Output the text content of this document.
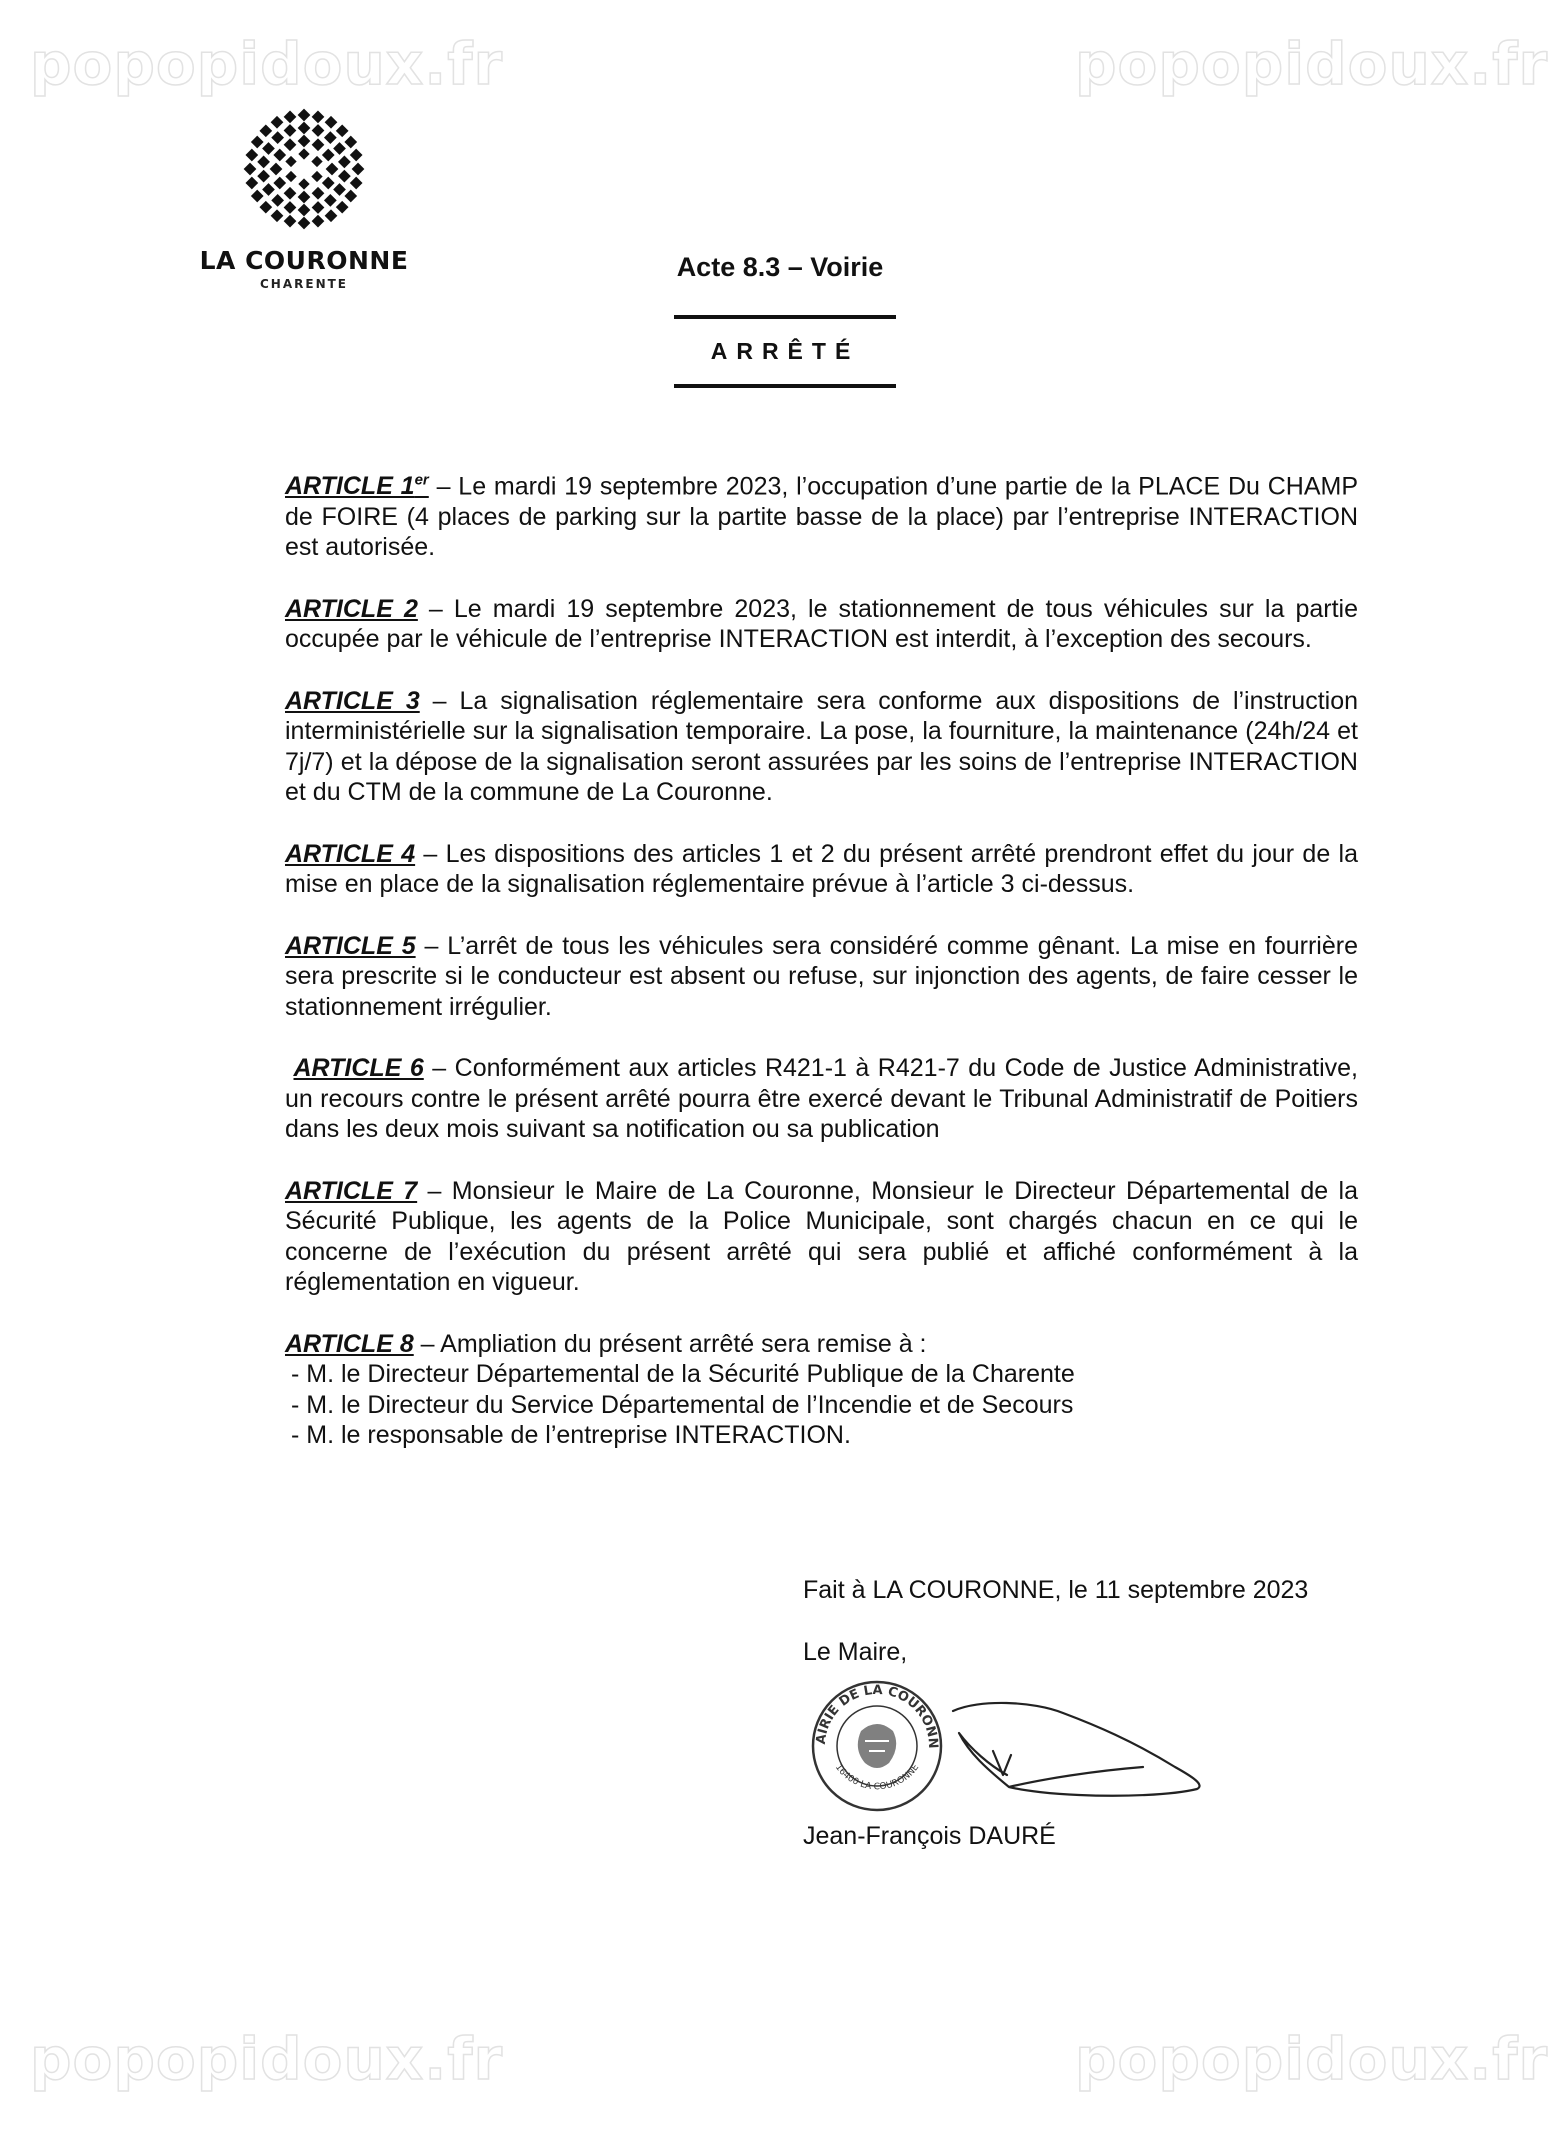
popopidoux.fr	popopidoux.fr
popopidoux.fr	popopidoux.fr
LA COURONNE
CHARENTE
Acte 8.3 – Voirie
ARRÊTÉ

ARTICLE 1er – Le mardi 19 septembre 2023, l’occupation d’une partie de la PLACE Du CHAMP de FOIRE (4 places de parking sur la partite basse de la place) par l’entreprise INTERACTION est autorisée.

ARTICLE 2 – Le mardi 19 septembre 2023, le stationnement de tous véhicules sur la partie occupée par le véhicule de l’entreprise INTERACTION est interdit, à l’exception des secours.

ARTICLE 3 – La signalisation réglementaire sera conforme aux dispositions de l’instruction interministérielle sur la signalisation temporaire. La pose, la fourniture, la maintenance (24h/24 et 7j/7) et la dépose de la signalisation seront assurées par les soins de l’entreprise INTERACTION et du CTM de la commune de La Couronne.

ARTICLE 4 – Les dispositions des articles 1 et 2 du présent arrêté prendront effet du jour de la mise en place de la signalisation réglementaire prévue à l’article 3 ci-dessus.

ARTICLE 5 – L’arrêt de tous les véhicules sera considéré comme gênant. La mise en fourrière sera prescrite si le conducteur est absent ou refuse, sur injonction des agents, de faire cesser le stationnement irrégulier.

ARTICLE 6 – Conformément aux articles R421-1 à R421-7 du Code de Justice Administrative, un recours contre le présent arrêté pourra être exercé devant le Tribunal Administratif de Poitiers dans les deux mois suivant sa notification ou sa publication

ARTICLE 7 – Monsieur le Maire de La Couronne, Monsieur le Directeur Départemental de la Sécurité Publique, les agents de la Police Municipale, sont chargés chacun en ce qui le concerne de l’exécution du présent arrêté qui sera publié et affiché conformément à la réglementation en vigueur.

ARTICLE 8 – Ampliation du présent arrêté sera remise à :
- M. le Directeur Départemental de la Sécurité Publique de la Charente
- M. le Directeur du Service Départemental de l’Incendie et de Secours
- M. le responsable de l’entreprise INTERACTION.
Fait à LA COURONNE, le 11 septembre 2023
Le Maire,
AIRIE DE LA COURONN
16400 LA COURONNE
Jean-François DAURÉ
